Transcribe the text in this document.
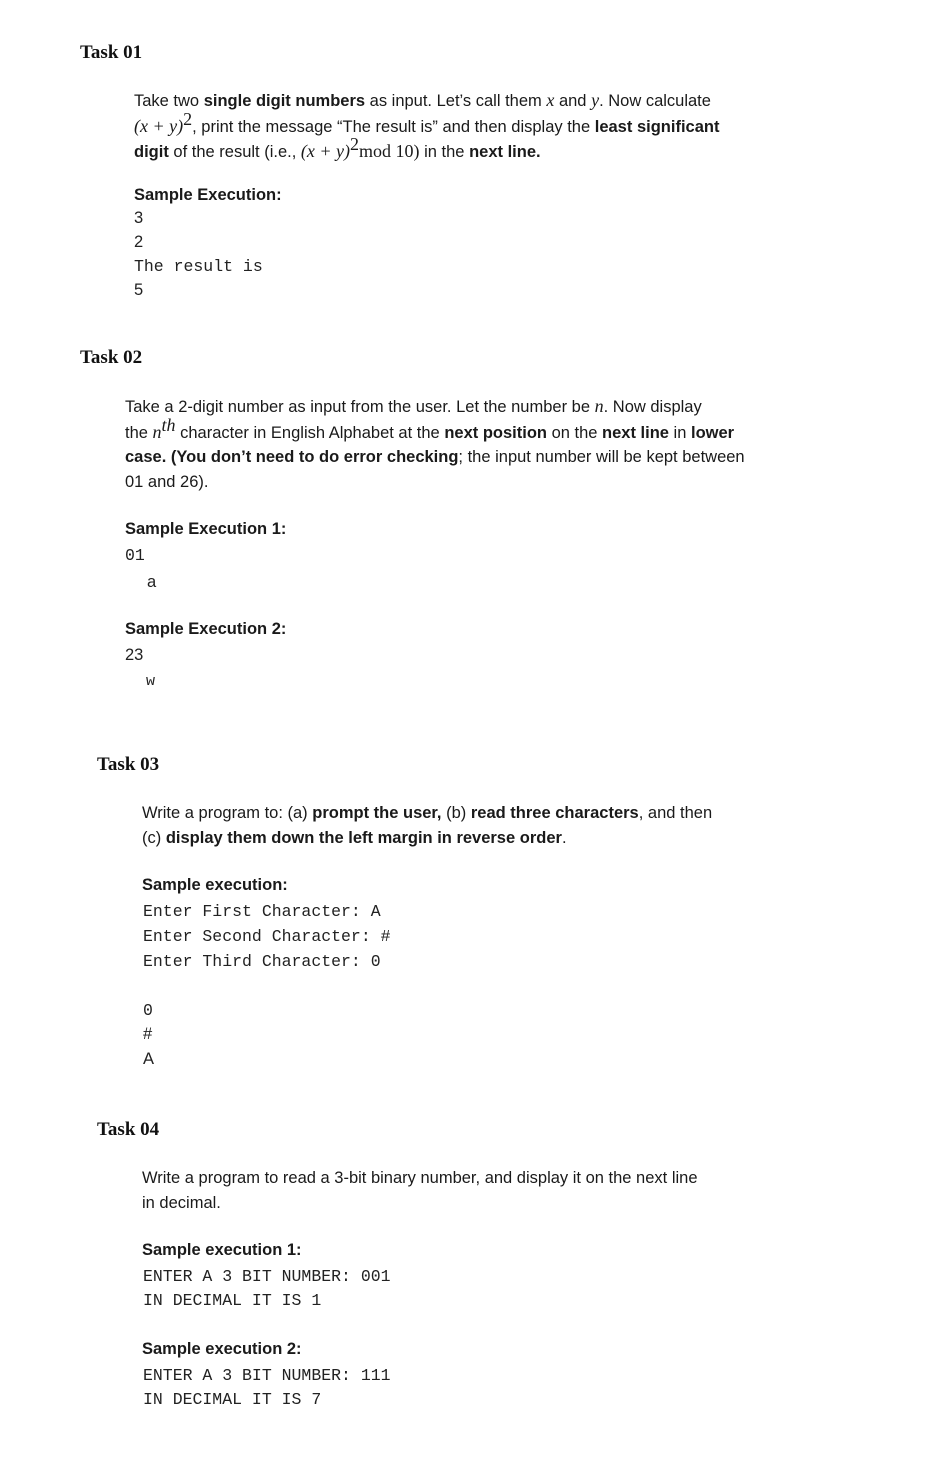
Task 01
Take two single digit numbers as input. Let’s call them x and y. Now calculate
$(x + y)^2$, print the message “The result is” and then display the least significant
digit of the result (i.e., $(x + y)^2mod$ 10) in the next line.
Sample Execution:
3
2
The result is
5
Task 02
Take a 2-digit number as input from the user. Let the number be n. Now display
the $n^{th}$ character in English Alphabet at the next position on the next line in lower
case. (You don’t need to do error checking; the input number will be kept between
01 and 26).
Sample Execution 1:
01
a
Sample Execution 2:
23
w
Task 03
Write a program to: (a) prompt the user, (b) read three characters, and then
(c) display them down the left margin in reverse order.
Sample execution:
Enter First Character: A
Enter Second Character: #
Enter Third Character: 0
0
#
A
Task 04
Write a program to read a 3-bit binary number, and display it on the next line
in decimal.
Sample execution 1:
ENTER A 3 BIT NUMBER: 001
IN DECIMAL IT IS 1
Sample execution 2:
ENTER A 3 BIT NUMBER: 111
IN DECIMAL IT IS 7
